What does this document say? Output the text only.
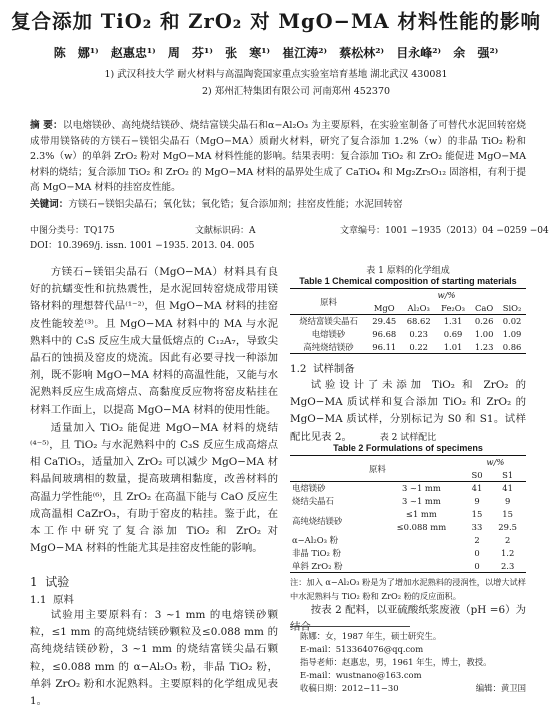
复合添加 TiO₂ 和 ZrO₂ 对 MgO−MA 材料性能的影响
陈 娜¹⁾ 赵惠忠¹⁾ 周 芬¹⁾ 张 寒¹⁾ 崔江涛²⁾ 蔡松林²⁾ 目永峰²⁾ 余 强²⁾
1) 武汉科技大学 耐火材料与高温陶瓷国家重点实验室培育基地 湖北武汉 430081
2) 郑州汇特集团有限公司 河南郑州 452370
摘 要：以电熔镁砂、高纯烧结镁砂、烧结富镁尖晶石和α−Al₂O₃ 为主要原料，在实验室制备了可替代水泥回转窑烧成带用镁铬砖的方镁石−镁铝尖晶石（MgO−MA）质耐火材料，研究了复合添加 1.2%（w）的非晶 TiO₂ 粉和 2.3%（w）的单斜 ZrO₂ 粉对 MgO−MA 材料性能的影响。结果表明：复合添加 TiO₂ 和 ZrO₂ 能促进 MgO−MA 材料的烧结；复合添加 TiO₂ 和 ZrO₂ 的 MgO−MA 材料的晶界处生成了 CaTiO₄ 和 Mg₂Zr₅O₁₂ 固溶相，有利于提高 MgO−MA 材料的挂窑皮性能。
关键词：方镁石−镁铝尖晶石；氧化钛；氧化锆；复合添加剂；挂窑皮性能；水泥回转窑
中图分类号：TQ175	文献标识码：A	文章编号：1001 −1935（2013）04 −0259 −04
DOI：10.3969/j. issn. 1001 −1935. 2013. 04. 005

方镁石−镁铝尖晶石（MgO−MA）材料具有良好的抗蠕变性和抗热震性，是水泥回转窑烧成带用镁铬材料的理想替代品⁽¹⁻²⁾，但 MgO−MA 材料的挂窑皮性能较差⁽³⁾。且 MgO−MA 材料中的 MA 与水泥熟料中的 C₃S 反应生成大量低熔点的 C₁₂A₇，导致尖晶石的蚀损及窑皮的烧流。因此有必要寻找一种添加剂，既不影响 MgO−MA 材料的高温性能，又能与水泥熟料反应生成高熔点、高黏度反应物将窑皮粘挂在材料工作面上，以提高 MgO−MA 材料的使用性能。

适量加入 TiO₂ 能促进 MgO−MA 材料的烧结⁽⁴⁻⁵⁾，且 TiO₂ 与水泥熟料中的 C₃S 反应生成高熔点相 CaTiO₃，适量加入 ZrO₂ 可以减少 MgO−MA 材料晶间玻璃相的数量，提高玻璃相黏度，改善材料的高温力学性能⁽⁶⁾，且 ZrO₂ 在高温下能与 CaO 反应生成高温相 CaZrO₃，有助于窑皮的粘挂。鉴于此，在本工作中研究了复合添加 TiO₂ 和 ZrO₂ 对 MgO−MA 材料的性能尤其是挂窑皮性能的影响。

1 试验
1.1 原料

试验用主要原料有：3 ~1 mm 的电熔镁砂颗粒，≤1 mm 的高纯烧结镁砂颗粒及≤0.088 mm 的高纯烧结镁砂粉，3 ~1 mm 的烧结富镁尖晶石颗粒，≤0.088 mm 的 α−Al₂O₃ 粉，非晶 TiO₂ 粉，单斜 ZrO₂ 粉和水泥熟料。主要原料的化学组成见表 1。

表 1 原料的化学组成
Table 1 Chemical composition of starting materials
原料	w/%				
	MgO	Al₂O₃	Fe₂O₃	CaO	SiO₂
烧结富镁尖晶石	29.45	68.62	1.31	0.26	0.02
电熔镁砂	96.68	0.23	0.69	1.00	1.09
高纯烧结镁砂	96.11	0.22	1.01	1.23	0.86
1.2 试样制备

试验设计了未添加 TiO₂ 和 ZrO₂ 的 MgO−MA 质试样和复合添加 TiO₂ 和 ZrO₂ 的 MgO−MA 质试样，分别标记为 S0 和 S1。试样配比见表 2。	表 2 试样配比
Table 2 Formulations of specimens
原料		w/%	
		S0	S1
电熔镁砂	3 ~1 mm	41	41
烧结尖晶石	3 ~1 mm	9	9
高纯烧结镁砂	≤1 mm	15	15
	≤0.088 mm	33	29.5
α−Al₂O₃ 粉		2	2
非晶 TiO₂ 粉		0	1.2
单斜 ZrO₂ 粉		0	2.3
注：加入 α−Al₂O₃ 粉是为了增加水泥熟料的浸润性，以增大试样中水泥熟料与 TiO₂ 粉和 ZrO₂ 粉的反应面积。

按表 2 配料，以亚硫酸纸浆废液（pH =6）为结合

陈娜：女，1987 年生，硕士研究生。
E-mail：513364076@qq.com
指导老师：赵惠忠，男，1961 年生，博士，教授。
E-mail：wustnano@163.com
收稿日期：2012−11−30	编辑：黄卫国
